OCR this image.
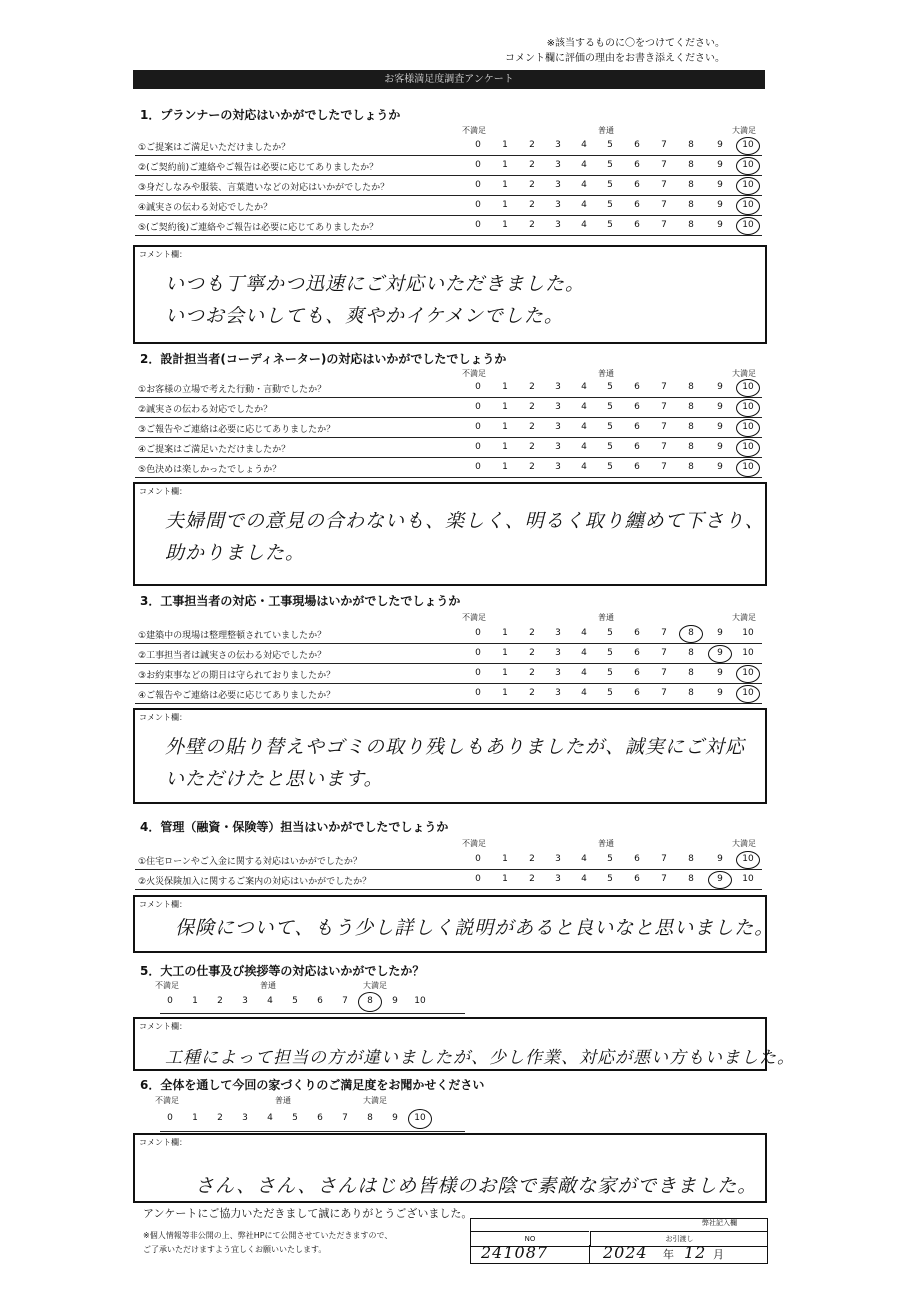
※該当するものに〇をつけてください。
コメント欄に評価の理由をお書き添えください。
お客様満足度調査アンケート
1．プランナーの対応はいかがでしたでしょうか
不満足	普通	大満足
①ご提案はご満足いただけましたか？	0	1	2	3	4	5	6	7	8	9	10
②(ご契約前)ご連絡やご報告は必要に応じてありましたか？	0	1	2	3	4	5	6	7	8	9	10
③身だしなみや服装、言葉遣いなどの対応はいかがでしたか？	0	1	2	3	4	5	6	7	8	9	10
④誠実さの伝わる対応でしたか？	0	1	2	3	4	5	6	7	8	9	10
⑤(ご契約後)ご連絡やご報告は必要に応じてありましたか？	0	1	2	3	4	5	6	7	8	9	10
コメント欄：
いつも丁寧かつ迅速にご対応いただきました。
いつお会いしても、爽やかイケメンでした。
2．設計担当者(コーディネーター)の対応はいかがでしたでしょうか
不満足	普通	大満足
①お客様の立場で考えた行動・言動でしたか？	0	1	2	3	4	5	6	7	8	9	10
②誠実さの伝わる対応でしたか？	0	1	2	3	4	5	6	7	8	9	10
③ご報告やご連絡は必要に応じてありましたか？	0	1	2	3	4	5	6	7	8	9	10
④ご提案はご満足いただけましたか？	0	1	2	3	4	5	6	7	8	9	10
⑤色決めは楽しかったでしょうか？	0	1	2	3	4	5	6	7	8	9	10
コメント欄：
夫婦間での意見の合わないも、楽しく、明るく取り纏めて下さり、
助かりました。
3．工事担当者の対応・工事現場はいかがでしたでしょうか
不満足	普通	大満足
①建築中の現場は整理整頓されていましたか？	0	1	2	3	4	5	6	7	8	9	10
②工事担当者は誠実さの伝わる対応でしたか？	0	1	2	3	4	5	6	7	8	9	10
③お約束事などの期日は守られておりましたか？	0	1	2	3	4	5	6	7	8	9	10
④ご報告やご連絡は必要に応じてありましたか？	0	1	2	3	4	5	6	7	8	9	10
コメント欄：
外壁の貼り替えやゴミの取り残しもありましたが、誠実にご対応
いただけたと思います。
4．管理（融資・保険等）担当はいかがでしたでしょうか
不満足	普通	大満足
①住宅ローンやご入金に関する対応はいかがでしたか？	0	1	2	3	4	5	6	7	8	9	10
②火災保険加入に関するご案内の対応はいかがでしたか？	0	1	2	3	4	5	6	7	8	9	10
コメント欄：
保険について、もう少し詳しく説明があると良いなと思いました。
5．大工の仕事及び挨拶等の対応はいかがでしたか？
不満足	普通	大満足
0	1	2	3	4	5	6	7	8	9	10
コメント欄：
工種によって担当の方が違いましたが、少し作業、対応が悪い方もいました。
6．全体を通して今回の家づくりのご満足度をお聞かせください
不満足	普通	大満足
0	1	2	3	4	5	6	7	8	9	10
コメント欄：
さん、さん、さんはじめ皆様のお陰で素敵な家ができました。
アンケートにご協力いただきまして誠にありがとうございました。
※個人情報等非公開の上、弊社HPにて公開させていただきますので、
ご了承いただけますよう宜しくお願いいたします。
弊社記入欄
NO	お引渡し
241087	2024 年 12 月
